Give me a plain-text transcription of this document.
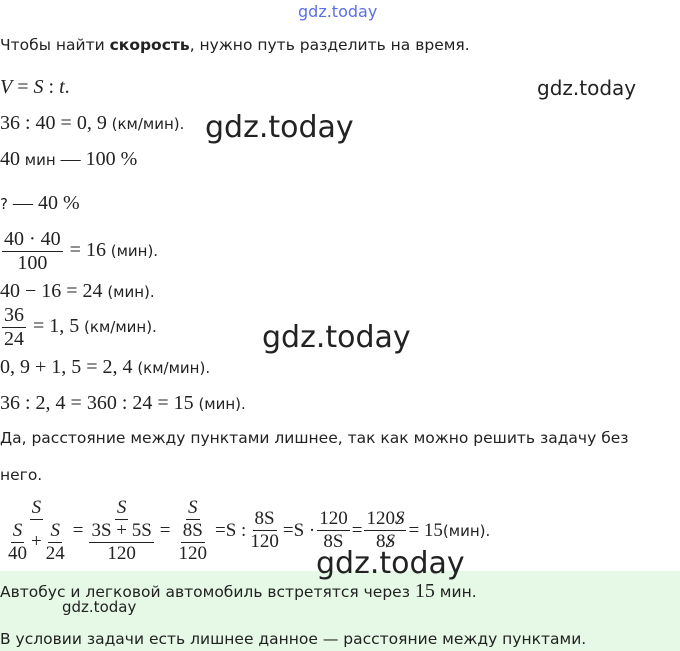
gdz.today
Чтобы найти скорость, нужно путь разделить на время.
V = S : t.	gdz.today
36 : 40 = 0, 9 (км/мин). gdz.today
40 мин — 100 %
? — 40 %
$\frac{40 \cdot 40}{100} = 16$ (мин).
40 − 16 = 24 (мин).
$\frac{36}{24} = 1$, 5 (км/мин).	gdz.today
0, 9 + 1, 5 = 2, 4 (км/мин).
36 : 2, 4 = 360 : 24 = 15 (мин).
Да, расстояние между пунктами лишнее, так как можно решить задачу без
него.
$\frac{S}{\frac{S}{40} + \frac{S}{24}} = \frac{S}{\frac{3S + 5S}{120}} = \frac{S}{\frac{8S}{120}} = S$ : $\frac{8S}{120} = S \cdot \frac{120}{8S} = \frac{120S}{8S} = 15$ (мин).
Автобус и легковой автомобиль встретятся через 15 мин.
gdz.today
В условии задачи есть лишнее данное — расстояние между пунктами.
gdz.today
